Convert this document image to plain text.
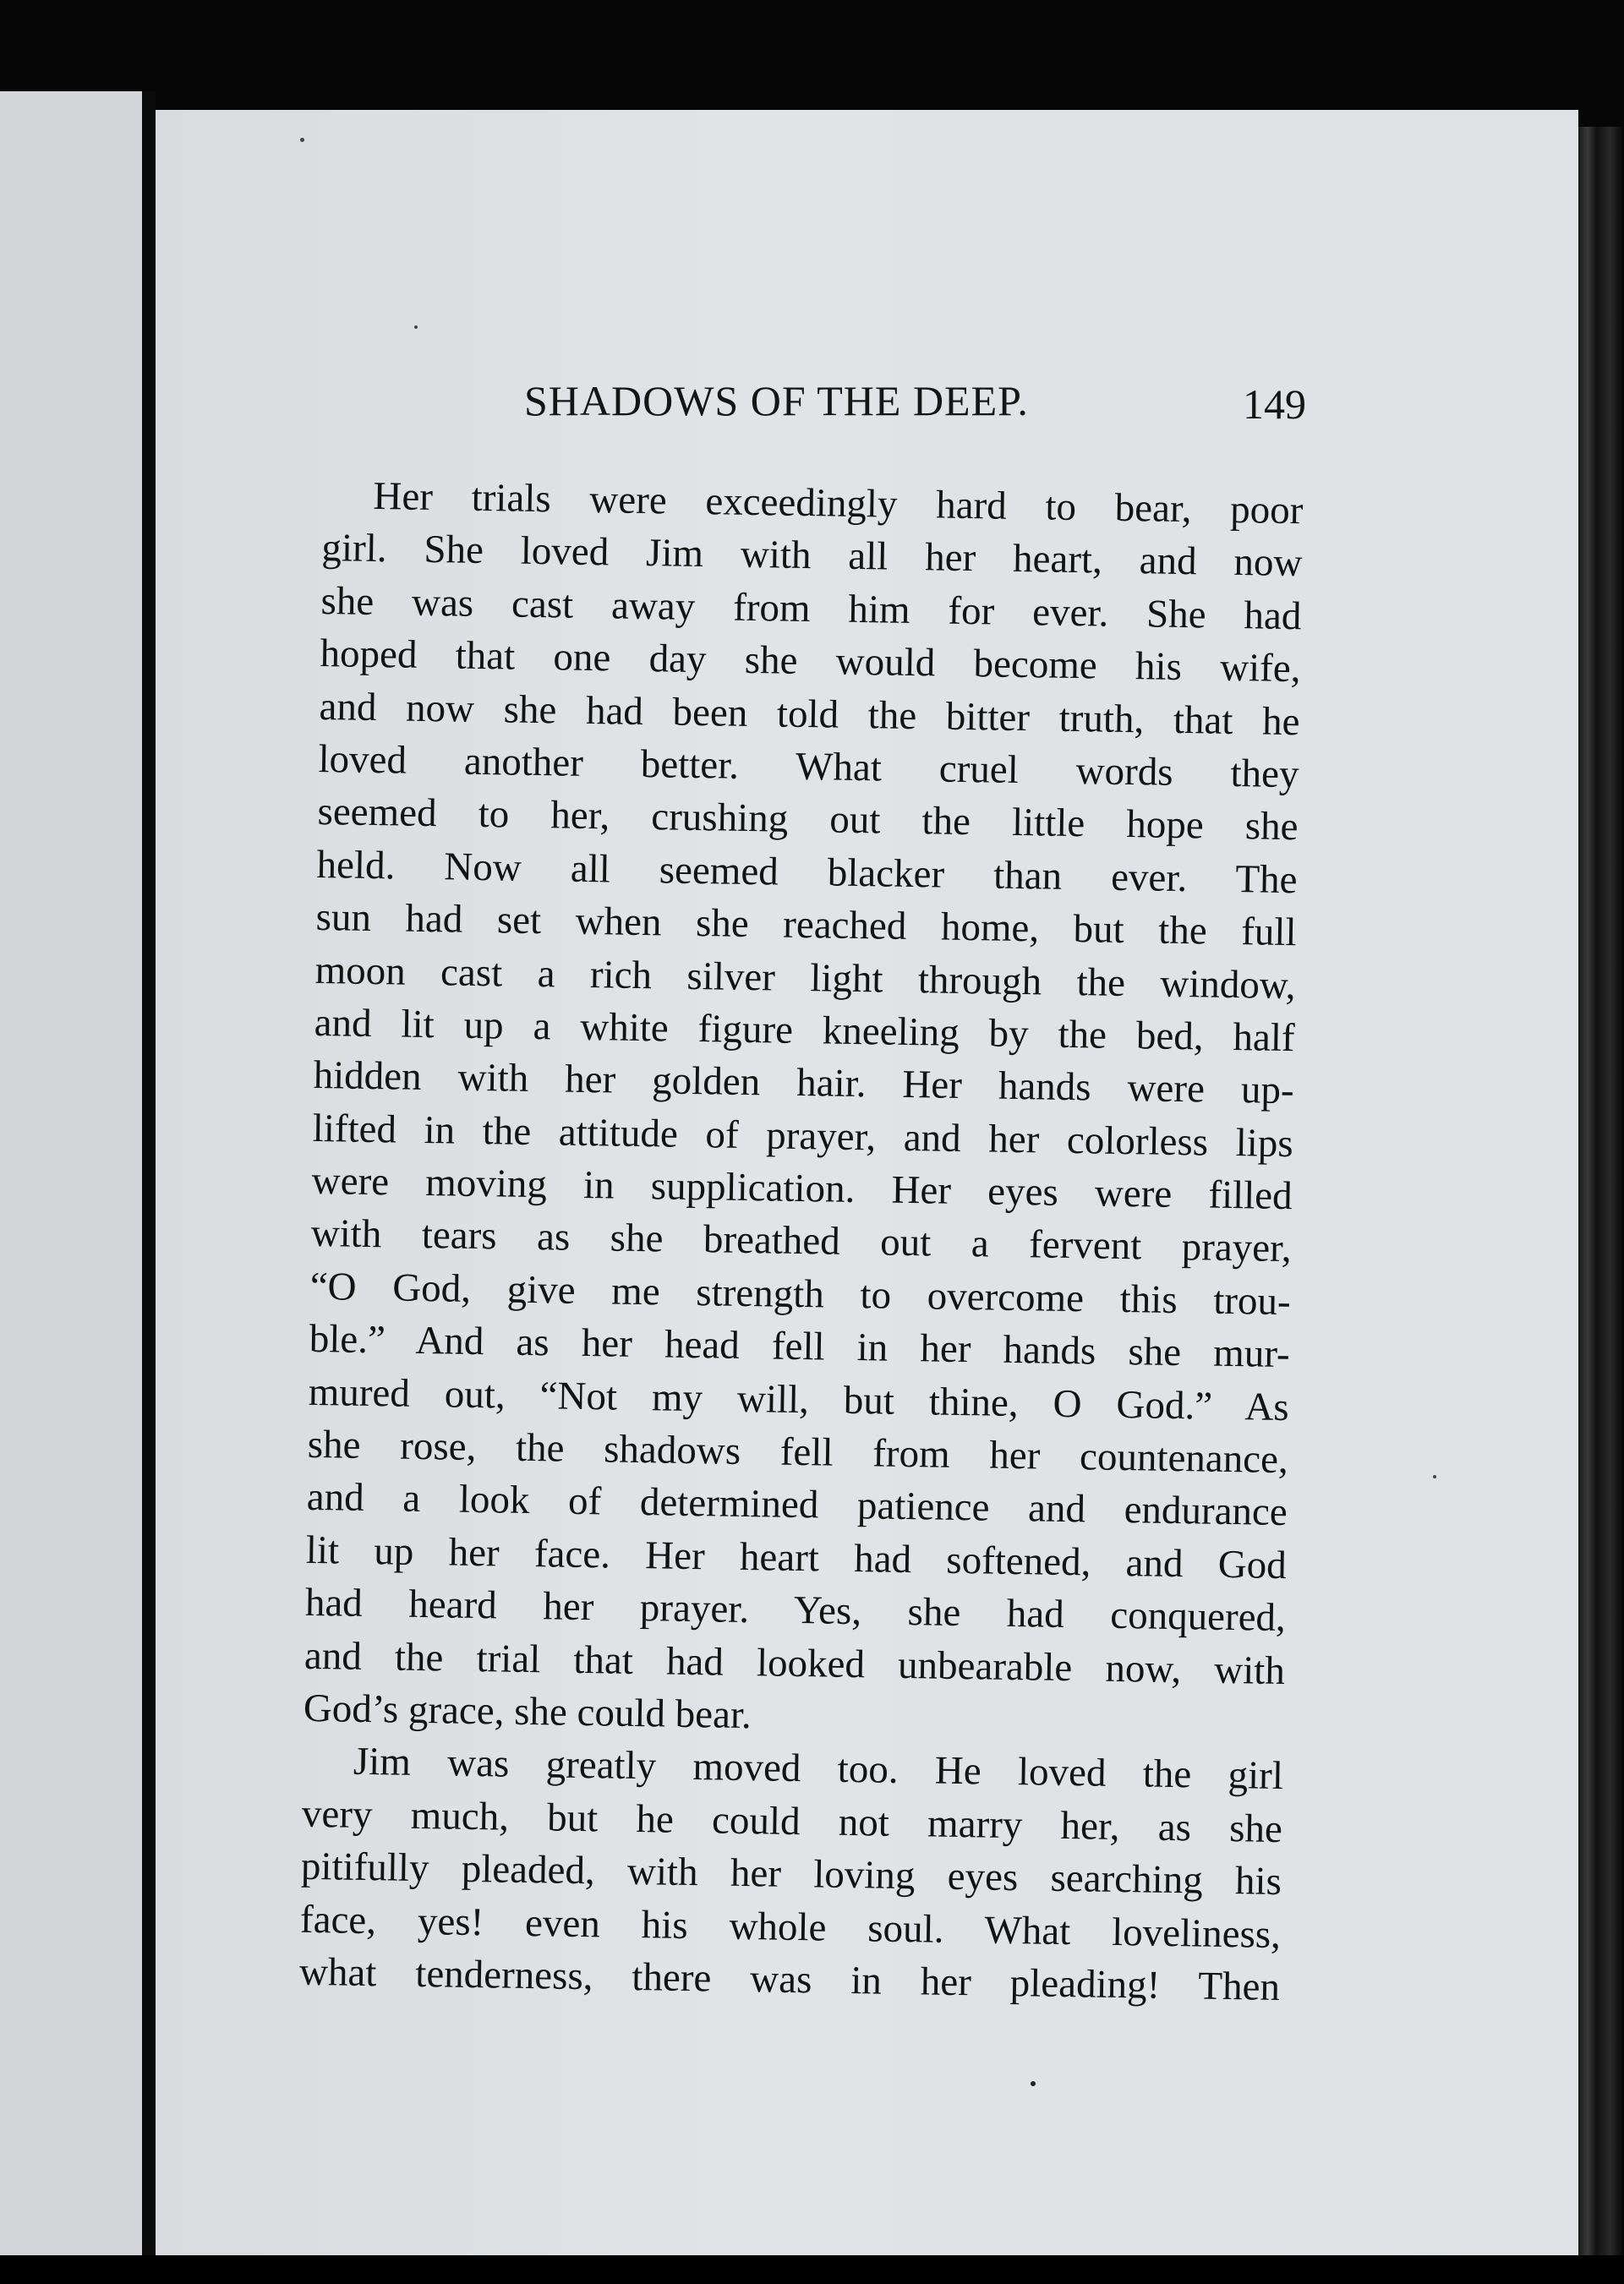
SHADOWS OF THE DEEP.	149
Her trials were exceedingly hard to bear, poor
girl. She loved Jim with all her heart, and now
she was cast away from him for ever. She had
hoped that one day she would become his wife,
and now she had been told the bitter truth, that he
loved another better. What cruel words they
seemed to her, crushing out the little hope she
held. Now all seemed blacker than ever. The
sun had set when she reached home, but the full
moon cast a rich silver light through the window,
and lit up a white figure kneeling by the bed, half
hidden with her golden hair. Her hands were up-
lifted in the attitude of prayer, and her colorless lips
were moving in supplication. Her eyes were filled
with tears as she breathed out a fervent prayer,
“O God, give me strength to overcome this trou-
ble.” And as her head fell in her hands she mur-
mured out, “Not my will, but thine, O God.” As
she rose, the shadows fell from her countenance,
and a look of determined patience and endurance
lit up her face. Her heart had softened, and God
had heard her prayer. Yes, she had conquered,
and the trial that had looked unbearable now, with
God’s grace, she could bear.
Jim was greatly moved too. He loved the girl
very much, but he could not marry her, as she
pitifully pleaded, with her loving eyes searching his
face, yes! even his whole soul. What loveliness,
what tenderness, there was in her pleading! Then
